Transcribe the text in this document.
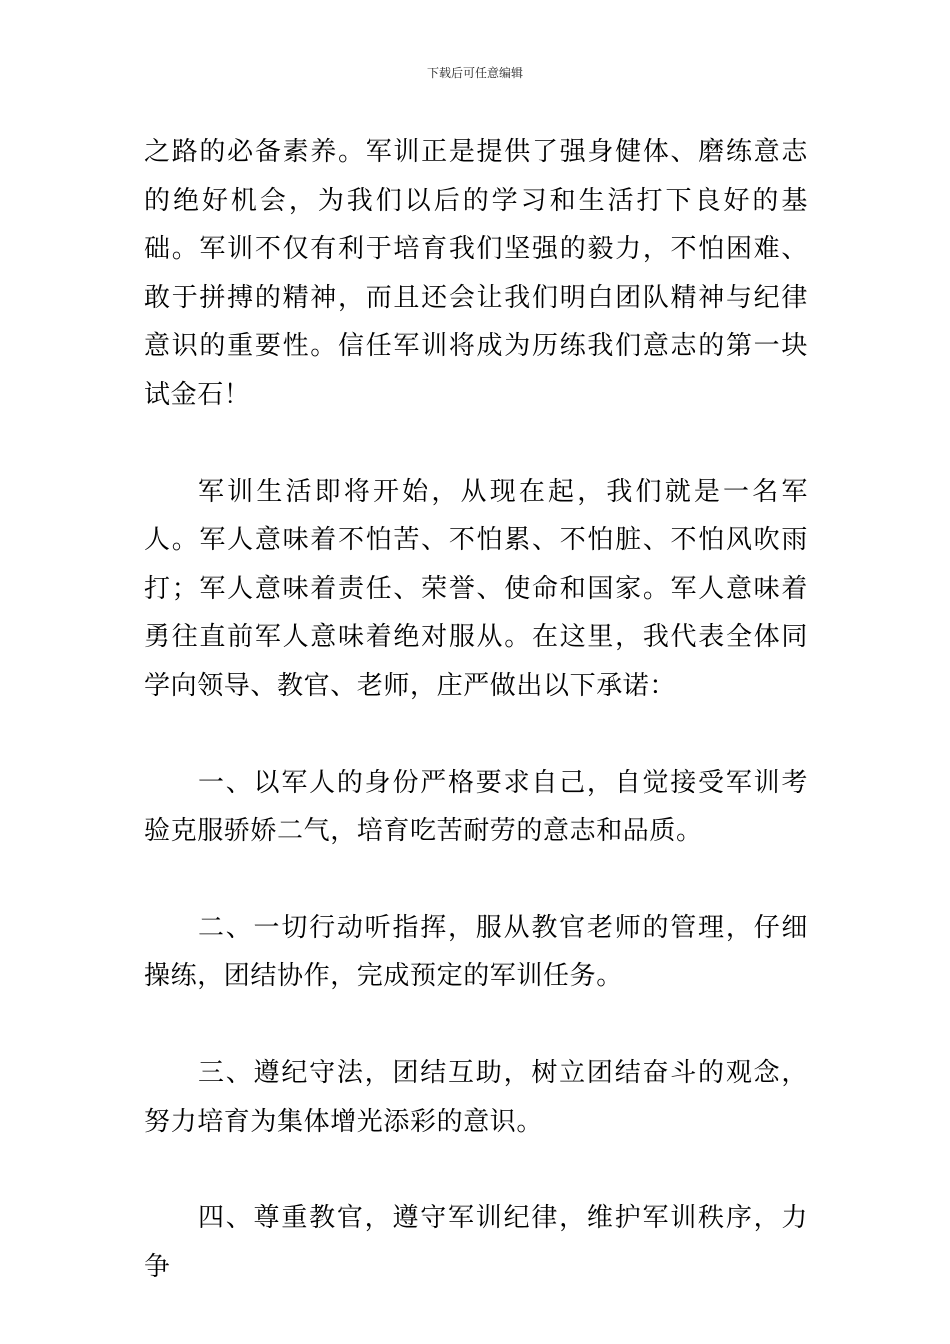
下载后可任意编辑

之路的必备素养。军训正是提供了强身健体、磨练意志的绝好机会，为我们以后的学习和生活打下良好的基础。军训不仅有利于培育我们坚强的毅力，不怕困难、敢于拼搏的精神，而且还会让我们明白团队精神与纪律意识的重要性。信任军训将成为历练我们意志的第一块试金石！

军训生活即将开始，从现在起，我们就是一名军人。军人意味着不怕苦、不怕累、不怕脏、不怕风吹雨打；军人意味着责任、荣誉、使命和国家。军人意味着勇往直前军人意味着绝对服从。在这里，我代表全体同学向领导、教官、老师，庄严做出以下承诺：

一、以军人的身份严格要求自己，自觉接受军训考验克服骄娇二气，培育吃苦耐劳的意志和品质。

二、一切行动听指挥，服从教官老师的管理，仔细操练，团结协作，完成预定的军训任务。

三、遵纪守法，团结互助，树立团结奋斗的观念，努力培育为集体增光添彩的意识。

四、尊重教官，遵守军训纪律，维护军训秩序，力争
